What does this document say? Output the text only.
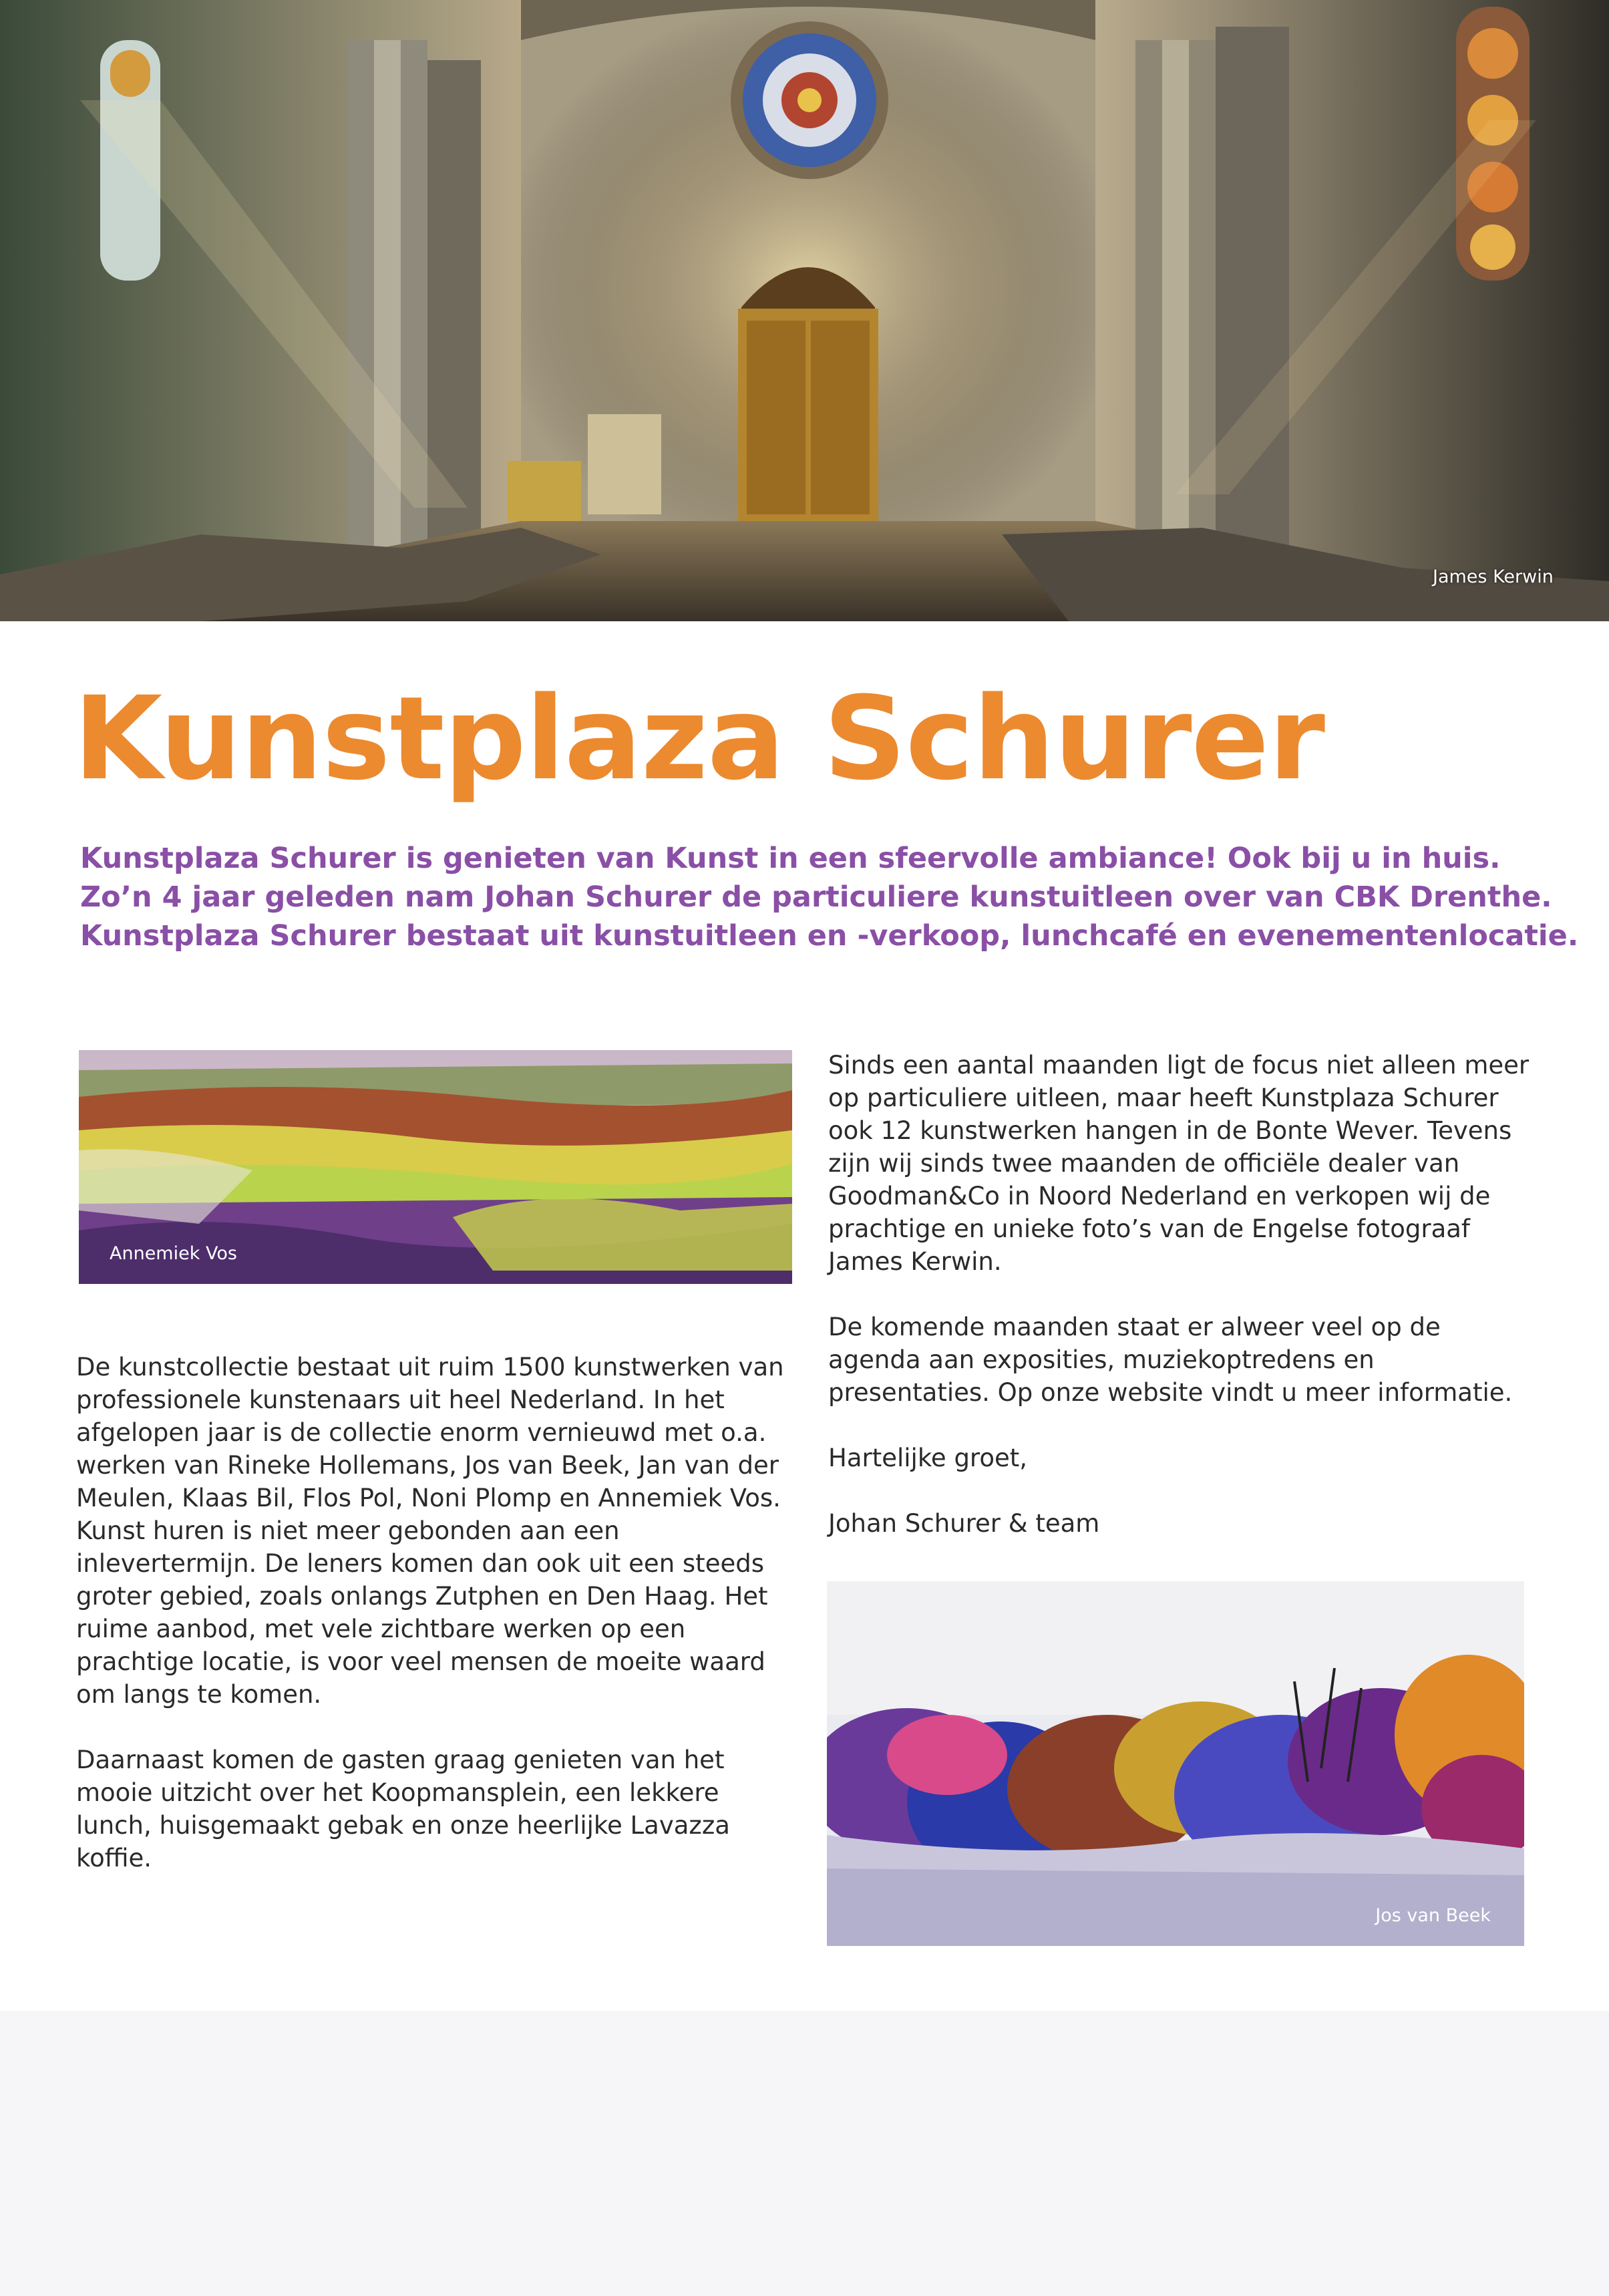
James Kerwin
Kunstplaza Schurer

Kunstplaza Schurer is genieten van Kunst in een sfeervolle ambiance! Ook bij u in huis.

Zo’n 4 jaar geleden nam Johan Schurer de particuliere kunstuitleen over van CBK Drenthe.

Kunstplaza Schurer bestaat uit kunstuitleen en -verkoop, lunchcafé en evenementenlocatie.

Annemiek Vos

Sinds een aantal maanden ligt de focus niet alleen meer op particuliere uitleen, maar heeft Kunstplaza Schurer ook 12 kunstwerken hangen in de Bonte Wever. Tevens zijn wij sinds twee maanden de officiële dealer van Goodman&Co in Noord Nederland en verkopen wij de prachtige en unieke foto’s van de Engelse fotograaf James Kerwin.

De komende maanden staat er alweer veel op de agenda aan exposities, muziekoptredens en presentaties. Op onze website vindt u meer informatie.

Hartelijke groet,

Johan Schurer & team

De kunstcollectie bestaat uit ruim 1500 kunstwerken van professionele kunstenaars uit heel Nederland. In het afgelopen jaar is de collectie enorm vernieuwd met o.a. werken van Rineke Hollemans, Jos van Beek, Jan van der Meulen, Klaas Bil, Flos Pol, Noni Plomp en Annemiek Vos. Kunst huren is niet meer gebonden aan een inlevertermijn. De leners komen dan ook uit een steeds groter gebied, zoals onlangs Zutphen en Den Haag. Het ruime aanbod, met vele zichtbare werken op een prachtige locatie, is voor veel mensen de moeite waard om langs te komen.

Daarnaast komen de gasten graag genieten van het mooie uitzicht over het Koopmansplein, een lekkere lunch, huisgemaakt gebak en onze heerlijke Lavazza koffie.

Jos van Beek
